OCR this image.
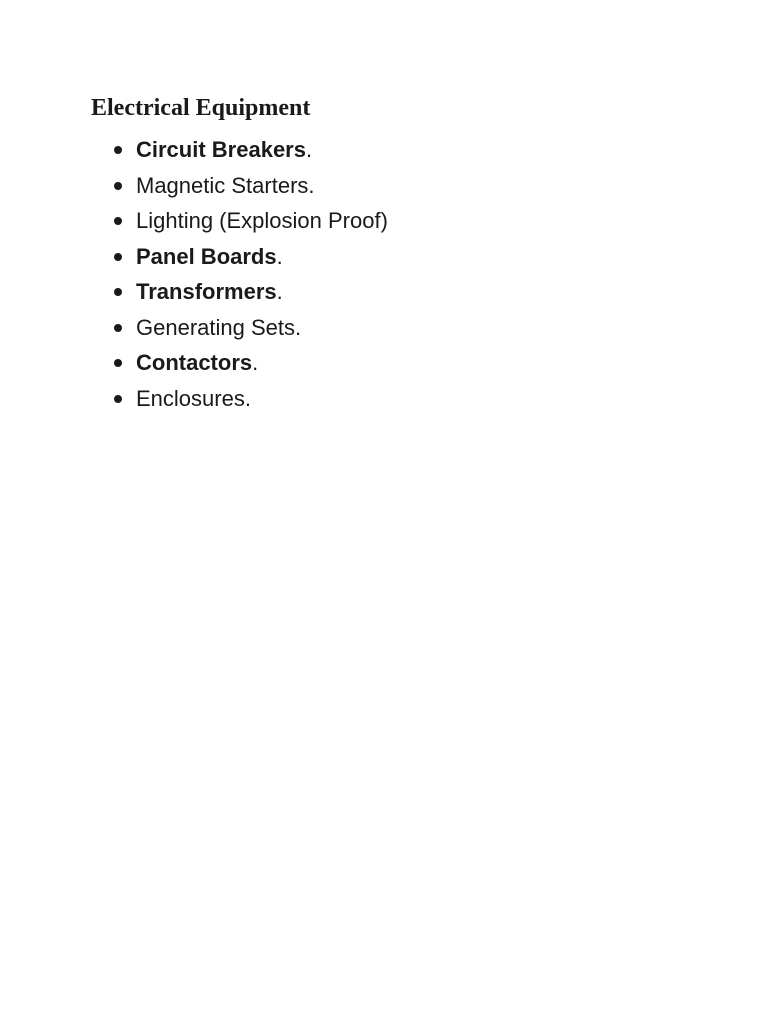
Electrical Equipment
Circuit Breakers.
Magnetic Starters.
Lighting (Explosion Proof)
Panel Boards.
Transformers.
Generating Sets.
Contactors.
Enclosures.
